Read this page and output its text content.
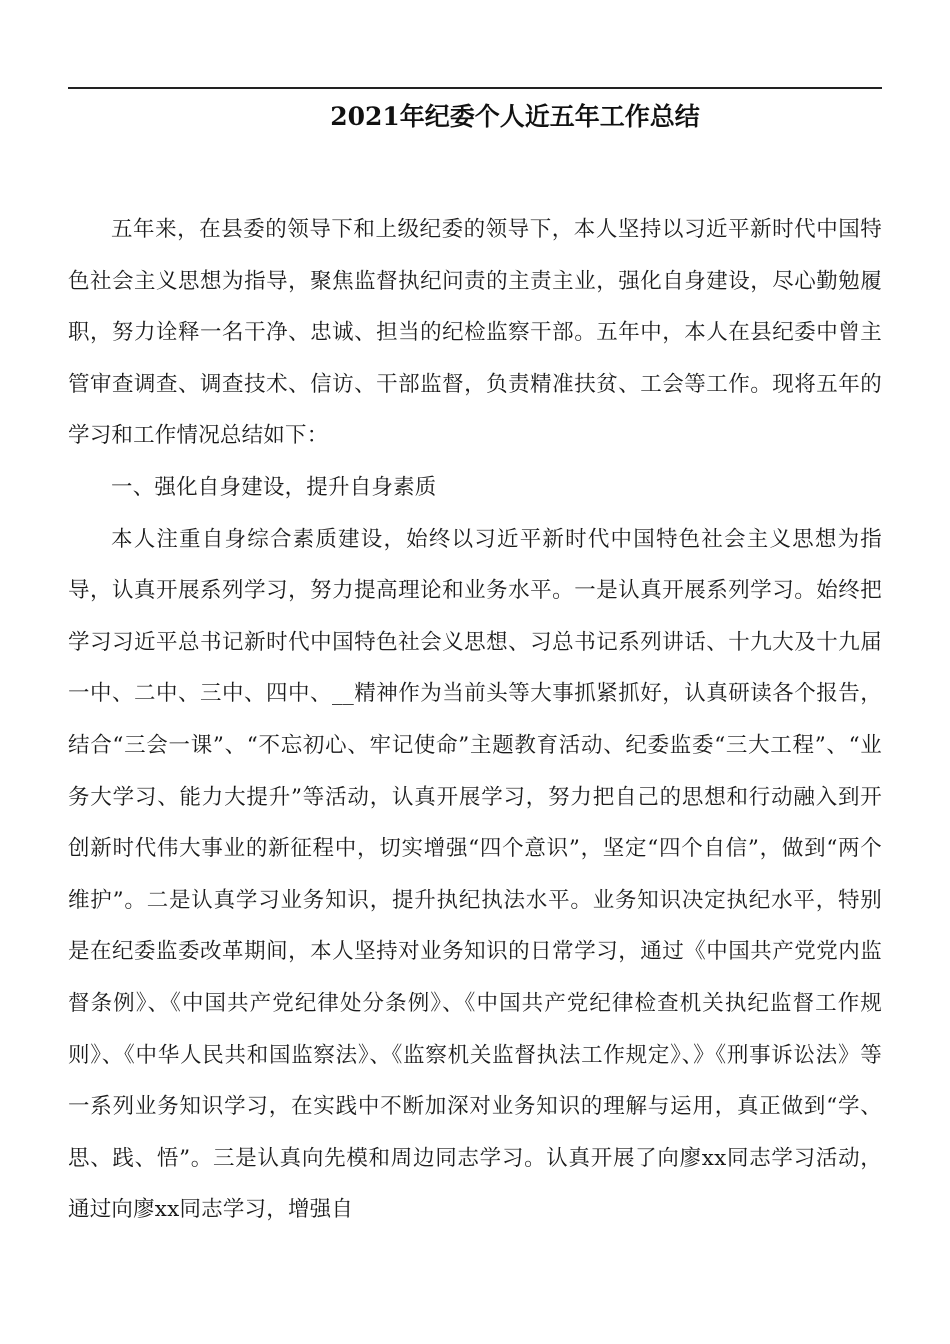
2021年纪委个人近五年工作总结

五年来，在县委的领导下和上级纪委的领导下，本人坚持以习近平新时代中国特色社会主义思想为指导，聚焦监督执纪问责的主责主业，强化自身建设，尽心勤勉履职，努力诠释一名干净、忠诚、担当的纪检监察干部。五年中，本人在县纪委中曾主管审查调查、调查技术、信访、干部监督，负责精准扶贫、工会等工作。现将五年的学习和工作情况总结如下：

一、强化自身建设，提升自身素质

本人注重自身综合素质建设，始终以习近平新时代中国特色社会主义思想为指导，认真开展系列学习，努力提高理论和业务水平。一是认真开展系列学习。始终把学习习近平总书记新时代中国特色社会义思想、习总书记系列讲话、十九大及十九届一中、二中、三中、四中、__精神作为当前头等大事抓紧抓好，认真研读各个报告，结合“三会一课”、“不忘初心、牢记使命”主题教育活动、纪委监委“三大工程”、“业务大学习、能力大提升”等活动，认真开展学习，努力把自己的思想和行动融入到开创新时代伟大事业的新征程中，切实增强“四个意识”，坚定“四个自信”，做到“两个维护”。二是认真学习业务知识，提升执纪执法水平。业务知识决定执纪水平，特别是在纪委监委改革期间，本人坚持对业务知识的日常学习，通过《中国共产党党内监督条例》、《中国共产党纪律处分条例》、《中国共产党纪律检查机关执纪监督工作规则》、《中华人民共和国监察法》、《监察机关监督执法工作规定》、》《刑事诉讼法》等一系列业务知识学习，在实践中不断加深对业务知识的理解与运用，真正做到“学、思、践、悟”。三是认真向先模和周边同志学习。认真开展了向廖xx同志学习活动，通过向廖xx同志学习，增强自
